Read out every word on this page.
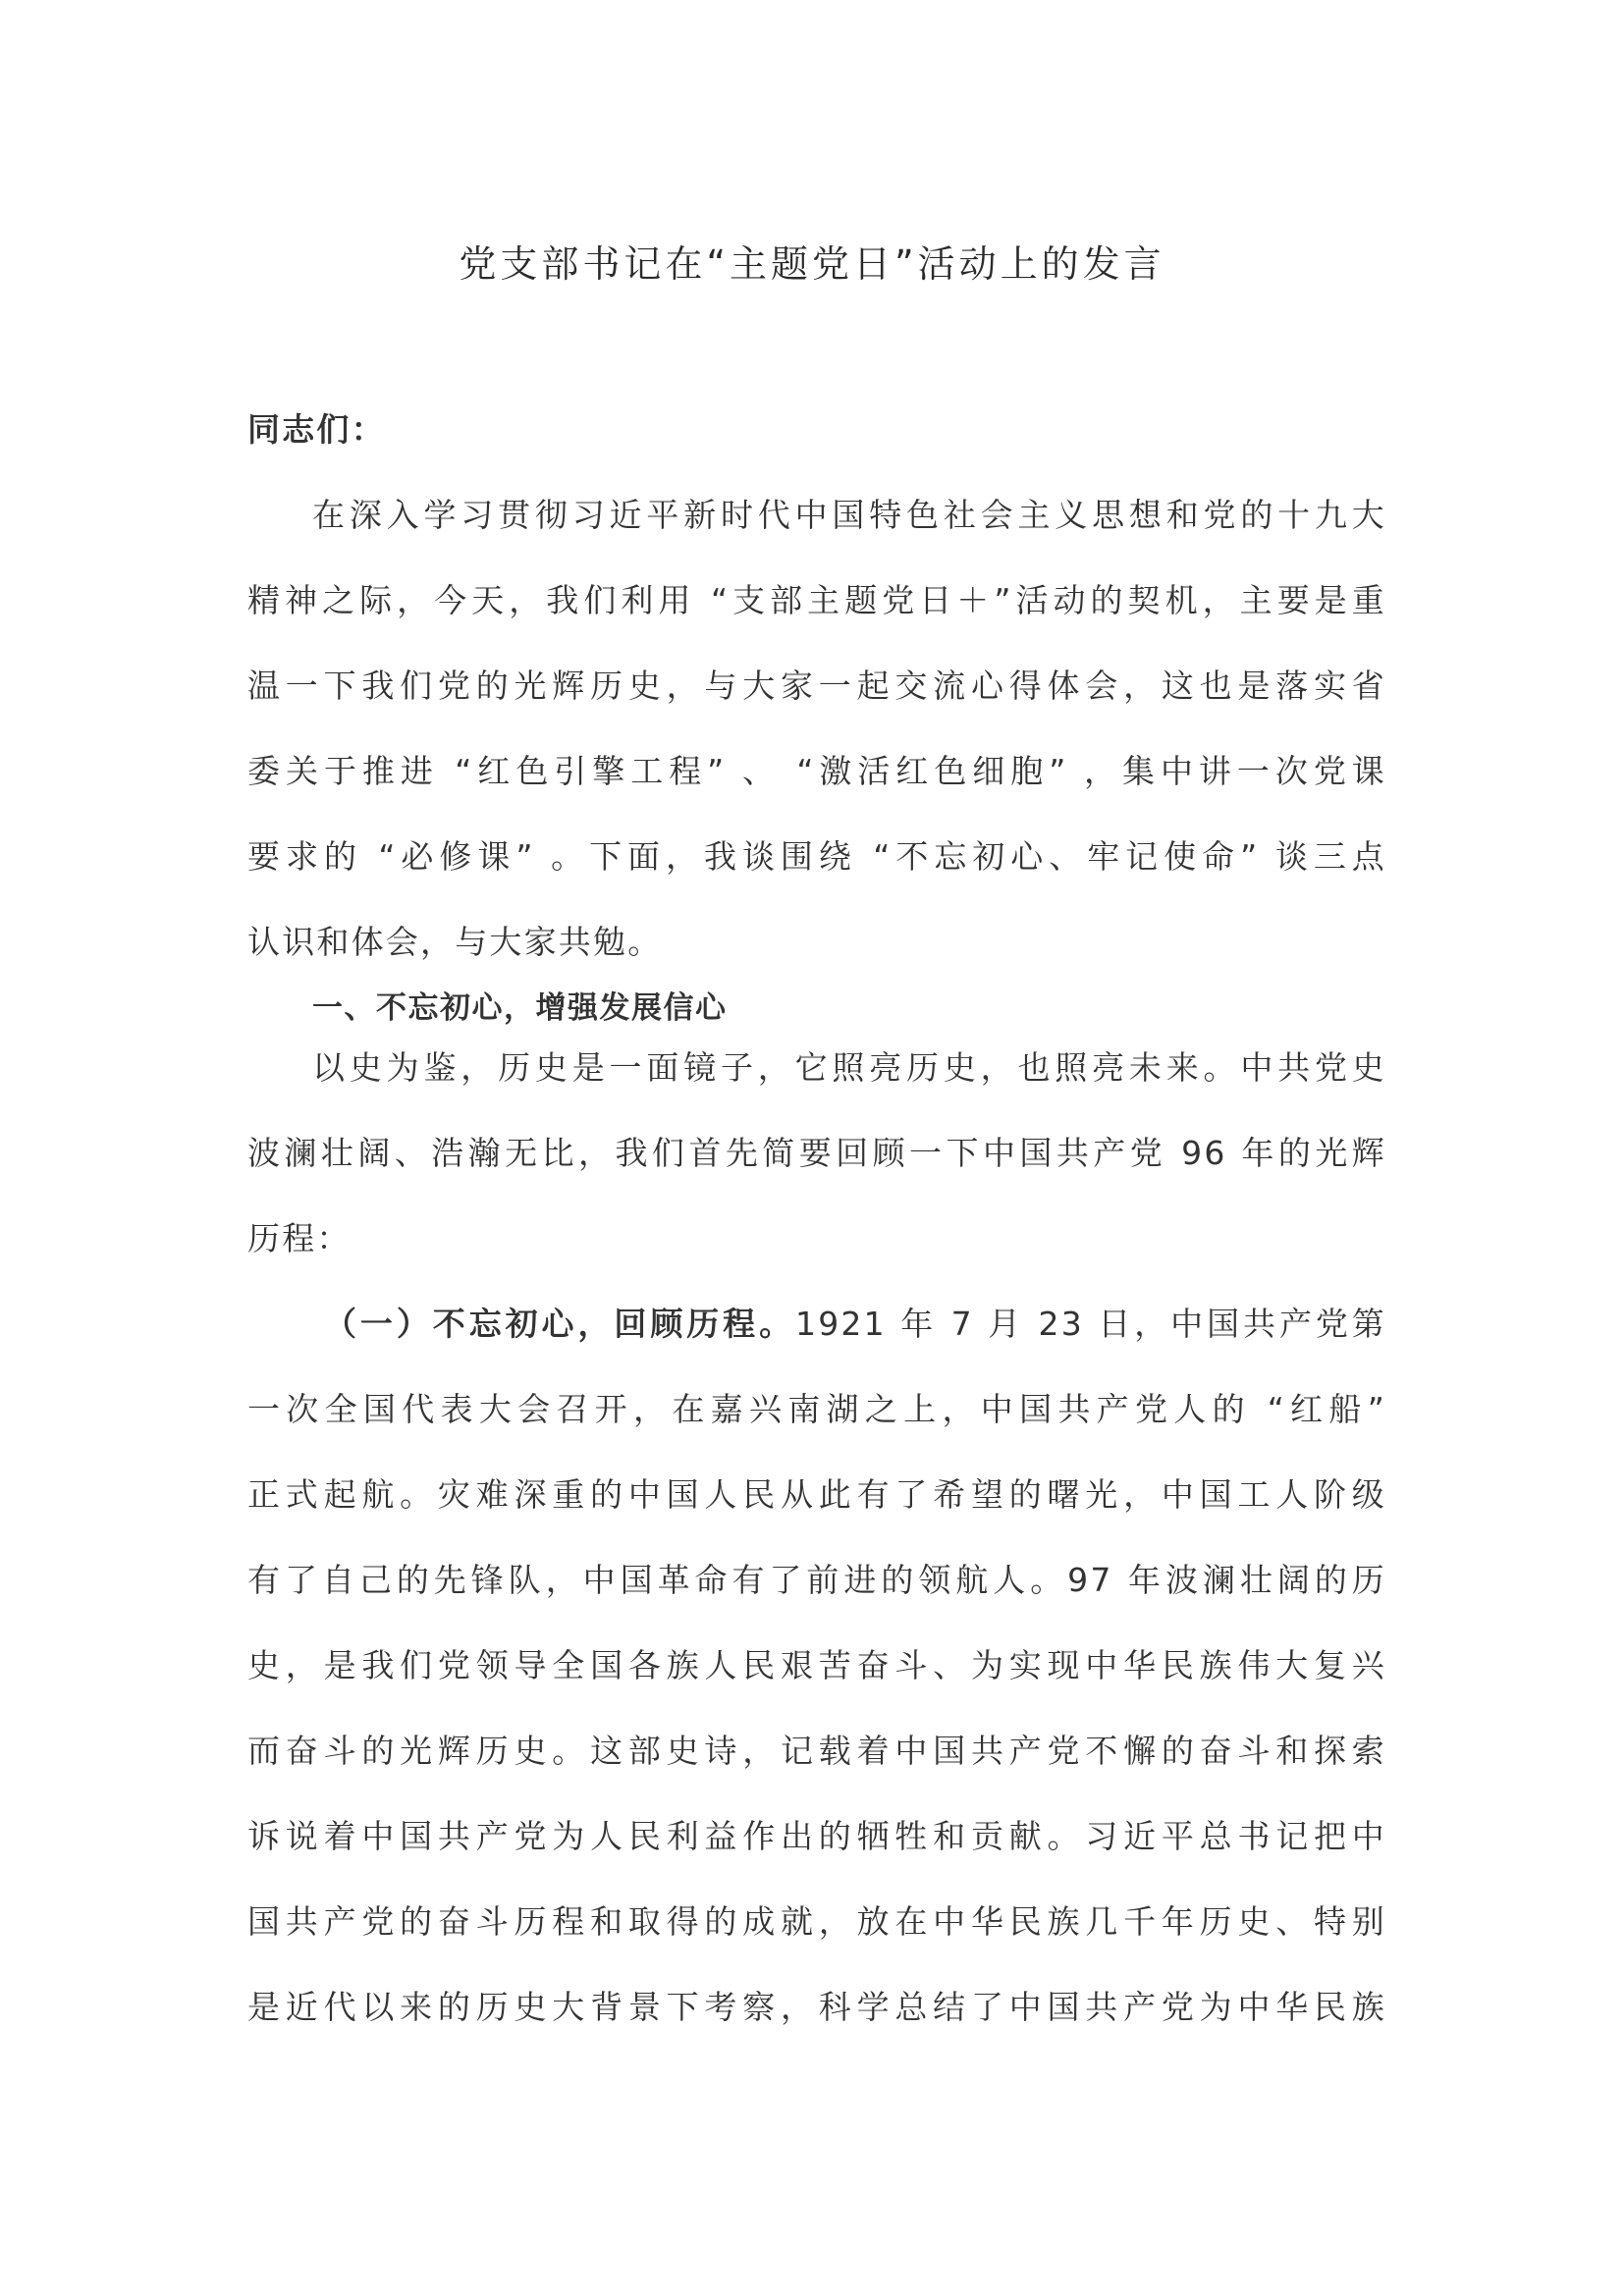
党支部书记在“主题党日”活动上的发言
同志们：
在深入学习贯彻习近平新时代中国特色社会主义思想和党的十九大
精神之际，今天，我们利用 “支部主题党日＋”活动的契机，主要是重
温一下我们党的光辉历史，与大家一起交流心得体会，这也是落实省
委关于推进 “红色引擎工程” 、 “激活红色细胞” ，集中讲一次党课
要求的 “必修课” 。下面，我谈围绕 “不忘初心、牢记使命” 谈三点
认识和体会，与大家共勉。
一、不忘初心，增强发展信心
以史为鉴，历史是一面镜子，它照亮历史，也照亮未来。中共党史
波澜壮阔、浩瀚无比，我们首先简要回顾一下中国共产党 96 年的光辉
历程：
（一）不忘初心，回顾历程。1921 年 7 月 23 日，中国共产党第
一次全国代表大会召开，在嘉兴南湖之上，中国共产党人的 “红船”
正式起航。灾难深重的中国人民从此有了希望的曙光，中国工人阶级
有了自己的先锋队，中国革命有了前进的领航人。97 年波澜壮阔的历
史，是我们党领导全国各族人民艰苦奋斗、为实现中华民族伟大复兴
而奋斗的光辉历史。这部史诗，记载着中国共产党不懈的奋斗和探索
诉说着中国共产党为人民利益作出的牺牲和贡献。习近平总书记把中
国共产党的奋斗历程和取得的成就，放在中华民族几千年历史、特别
是近代以来的历史大背景下考察，科学总结了中国共产党为中华民族
